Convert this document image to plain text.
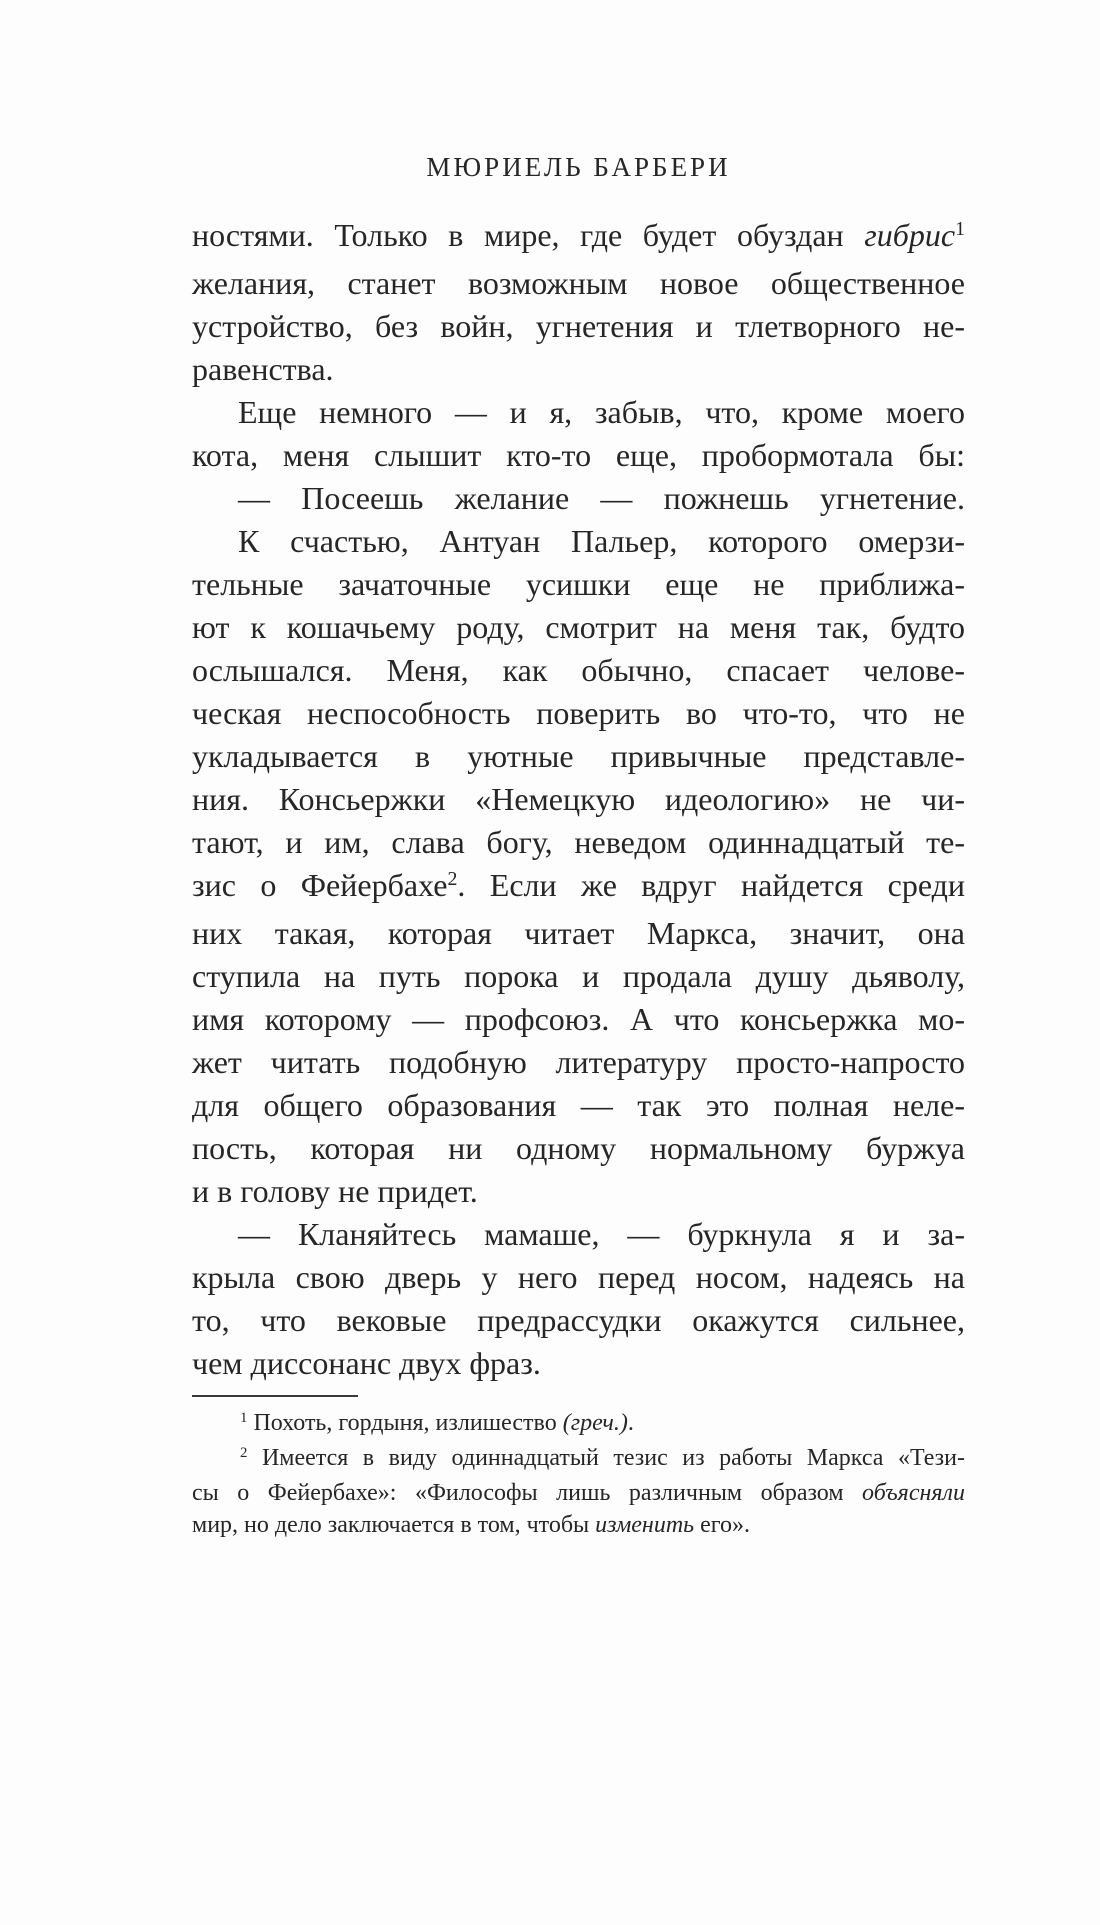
МЮРИЕЛЬ БАРБЕРИ
ностями. Только в мире, где будет обуздан гибрис$^1$
желания, станет возможным новое общественное
устройство, без войн, угнетения и тлетворного не-
равенства.
Еще немного — и я, забыв, что, кроме моего
кота, меня слышит кто-то еще, пробормотала бы:
— Посеешь желание — пожнешь угнетение.
К счастью, Антуан Пальер, которого омерзи-
тельные зачаточные усишки еще не приближа-
ют к кошачьему роду, смотрит на меня так, будто
ослышался. Меня, как обычно, спасает челове-
ческая неспособность поверить во что-то, что не
укладывается в уютные привычные представле-
ния. Консьержки «Немецкую идеологию» не чи-
тают, и им, слава богу, неведом одиннадцатый те-
зис о Фейербахе$^2$. Если же вдруг найдется среди
них такая, которая читает Маркса, значит, она
ступила на путь порока и продала душу дьяволу,
имя которому — профсоюз. А что консьержка мо-
жет читать подобную литературу просто-напросто
для общего образования — так это полная неле-
пость, которая ни одному нормальному буржуа
и в голову не придет.
— Кланяйтесь мамаше, — буркнула я и за-
крыла свою дверь у него перед носом, надеясь на
то, что вековые предрассудки окажутся сильнее,
чем диссонанс двух фраз.
$^1$ Похоть, гордыня, излишество (греч.).
$^2$ Имеется в виду одиннадцатый тезис из работы Маркса «Тези-
сы о Фейербахе»: «Философы лишь различным образом объясняли
мир, но дело заключается в том, чтобы изменить его».
